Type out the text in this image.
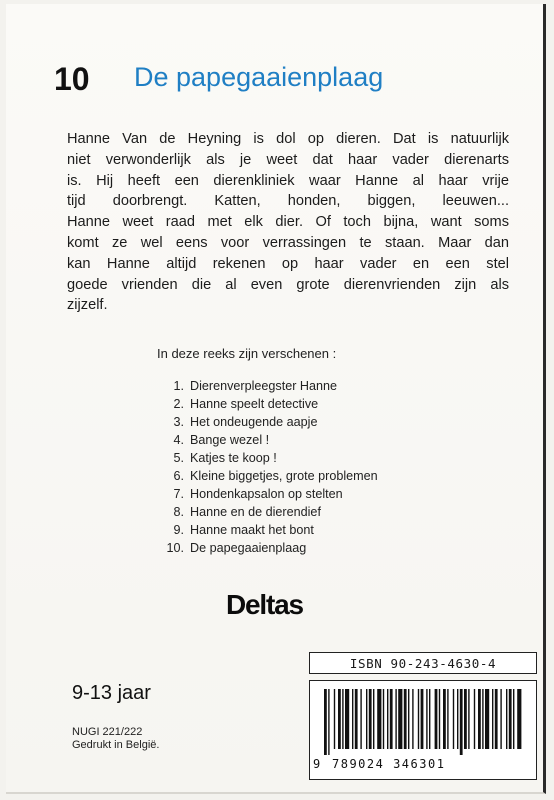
10 De papegaaienplaag

Hanne Van de Heyning is dol op dieren. Dat is natuurlijk
niet verwonderlijk als je weet dat haar vader dierenarts
is. Hij heeft een dierenkliniek waar Hanne al haar vrije
tijd doorbrengt. Katten, honden, biggen, leeuwen...
Hanne weet raad met elk dier. Of toch bijna, want soms
komt ze wel eens voor verrassingen te staan. Maar dan
kan Hanne altijd rekenen op haar vader en een stel
goede vrienden die al even grote dierenvrienden zijn als
zijzelf.

In deze reeks zijn verschenen :
1. Dierenverpleegster Hanne
2. Hanne speelt detective
3. Het ondeugende aapje
4. Bange wezel !
5. Katjes te koop !
6. Kleine biggetjes, grote problemen
7. Hondenkapsalon op stelten
8. Hanne en de dierendief
9. Hanne maakt het bont
10. De papegaaienplaag
Deltas
9-13 jaar
NUGI 221/222
Gedrukt in België.
ISBN 90-243-4630-4
9 789024 346301
